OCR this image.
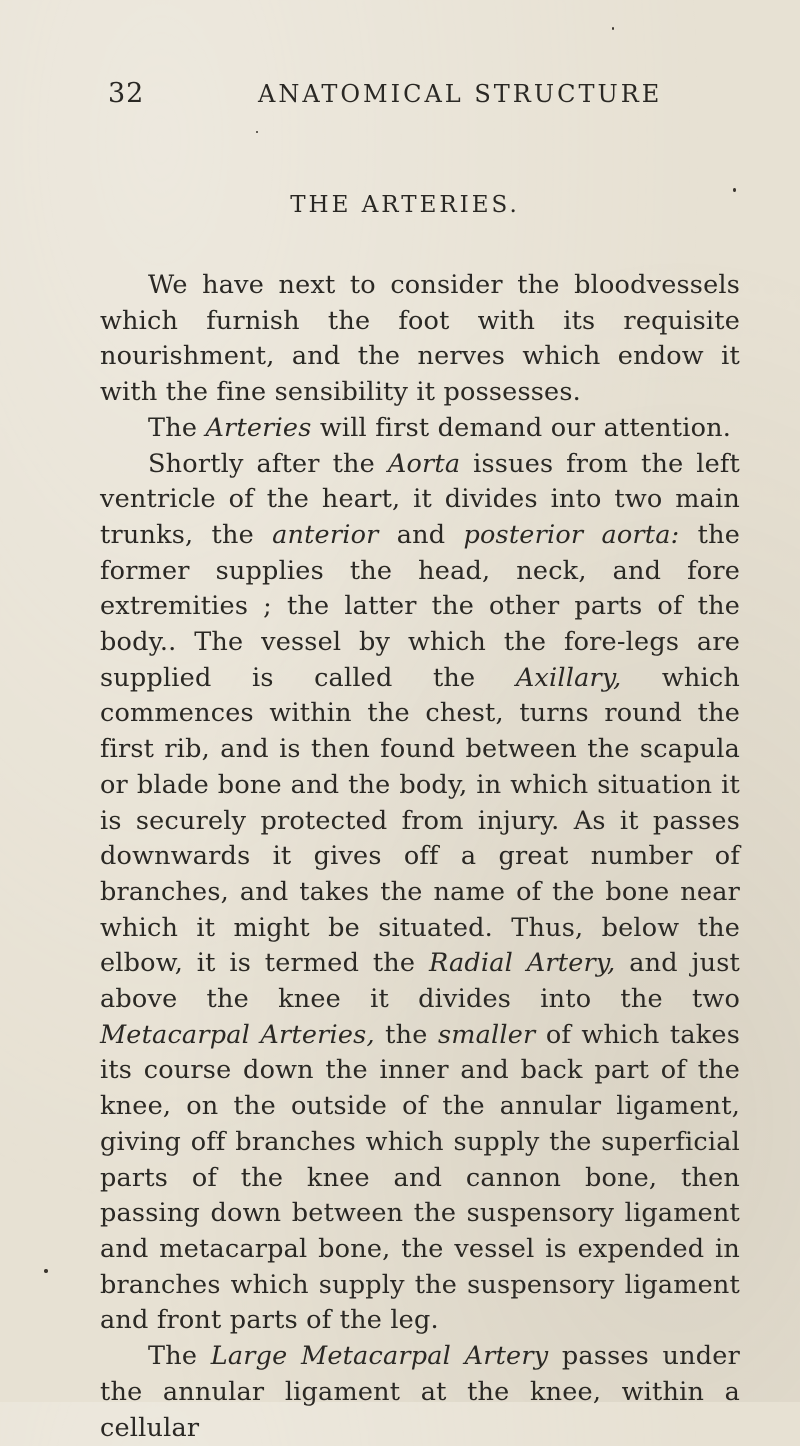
32	ANATOMICAL STRUCTURE
THE ARTERIES.

We have next to consider the bloodvessels which furnish the foot with its requisite nourishment, and the nerves which endow it with the fine sensibility it possesses.

The Arteries will first demand our attention.

Shortly after the Aorta issues from the left ventricle of the heart, it divides into two main trunks, the anterior and posterior aorta: the former supplies the head, neck, and fore extremities ; the latter the other parts of the body.. The vessel by which the fore-legs are supplied is called the Axillary, which commences within the chest, turns round the first rib, and is then found between the scapula or blade bone and the body, in which situation it is securely protected from injury. As it passes downwards it gives off a great number of branches, and takes the name of the bone near which it might be situated. Thus, below the elbow, it is termed the Radial Artery, and just above the knee it divides into the two Metacarpal Arteries, the smaller of which takes its course down the inner and back part of the knee, on the outside of the annular ligament, giving off branches which supply the superficial parts of the knee and cannon bone, then passing down between the suspensory ligament and metacarpal bone, the vessel is expended in branches which supply the suspensory ligament and front parts of the leg.

The Large Metacarpal Artery passes under the annular ligament at the knee, within a cellular
